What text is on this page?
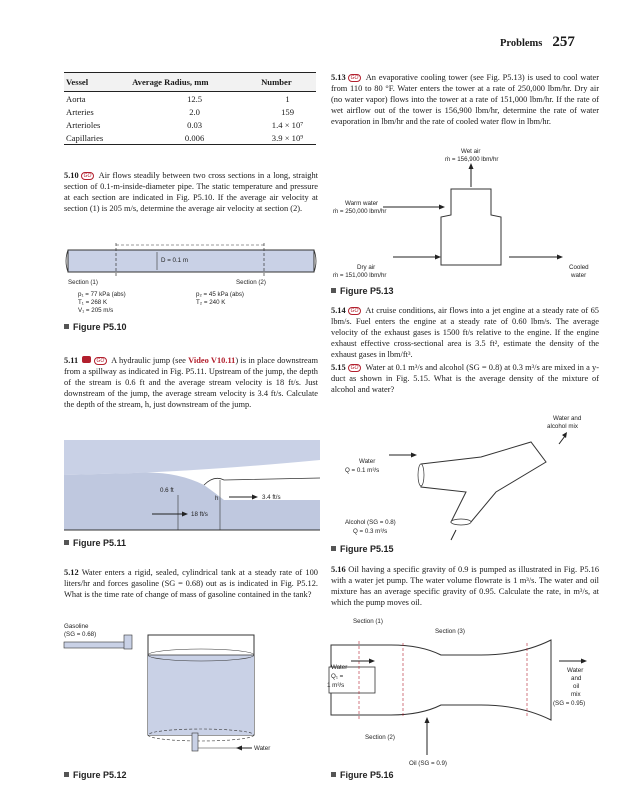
Problems 257
Vessel	Average Radius, mm	Number
Aorta	12.5	1
Arteries	2.0	159
Arterioles	0.03	1.4 × 10⁷
Capillaries	0.006	3.9 × 10⁹
5.10 GO Air flows steadily between two cross sections in a long, straight section of 0.1-m-inside-diameter pipe. The static temperature and pressure at each section are indicated in Fig. P5.10. If the average air velocity at section (1) is 205 m/s, determine the average air velocity at section (2).
D = 0.1 m
Section (1)	Section (2)
p₁ = 77 kPa (abs)
T₁ = 268 K
V₁ = 205 m/s
p₂ = 45 kPa (abs)
T₂ = 240 K
Figure P5.10
5.11	GO A hydraulic jump (see Video V10.11) is in place downstream from a spillway as indicated in Fig. P5.11. Upstream of the jump, the depth of the stream is 0.6 ft and the average stream velocity is 18 ft/s. Just downstream of the jump, the average stream velocity is 3.4 ft/s. Calculate the depth of the stream, h, just downstream of the jump.
0.6 ft
h	3.4 ft/s
18 ft/s
Figure P5.11
5.12 Water enters a rigid, sealed, cylindrical tank at a steady rate of 100 liters/hr and forces gasoline (SG = 0.68) out as is indicated in Fig. P5.12. What is the time rate of change of mass of gasoline contained in the tank?
Gasoline
(SG = 0.68)
Water
Figure P5.12
5.13 GO An evaporative cooling tower (see Fig. P5.13) is used to cool water from 110 to 80 °F. Water enters the tower at a rate of 250,000 lbm/hr. Dry air (no water vapor) flows into the tower at a rate of 151,000 lbm/hr. If the rate of wet airflow out of the tower is 156,900 lbm/hr, determine the rate of water evaporation in lbm/hr and the rate of cooled water flow in lbm/hr.
Wet air
ṁ = 156,900 lbm/hr
Warm water
ṁ = 250,000 lbm/hr
Dry air
ṁ = 151,000 lbm/hr
Cooled
water
Figure P5.13
5.14 GO At cruise conditions, air flows into a jet engine at a steady rate of 65 lbm/s. Fuel enters the engine at a steady rate of 0.60 lbm/s. The average velocity of the exhaust gases is 1500 ft/s relative to the engine. If the engine exhaust effective cross-sectional area is 3.5 ft², estimate the density of the exhaust gases in lbm/ft³.
5.15 GO Water at 0.1 m³/s and alcohol (SG = 0.8) at 0.3 m³/s are mixed in a y-duct as shown in Fig. 5.15. What is the average density of the mixture of alcohol and water?
Water and
alcohol mix
Water
Q = 0.1 m³/s
Alcohol (SG = 0.8)
Q = 0.3 m³/s
Figure P5.15
5.16 Oil having a specific gravity of 0.9 is pumped as illustrated in Fig. P5.16 with a water jet pump. The water volume flowrate is 1 m³/s. The water and oil mixture has an average specific gravity of 0.95. Calculate the rate, in m³/s, at which the pump moves oil.
Section (1)
Section (3)
Water
Q₁ =
1 m³/s
Water
and
oil
mix
(SG = 0.95)
Section (2)
Oil (SG = 0.9)
Figure P5.16
